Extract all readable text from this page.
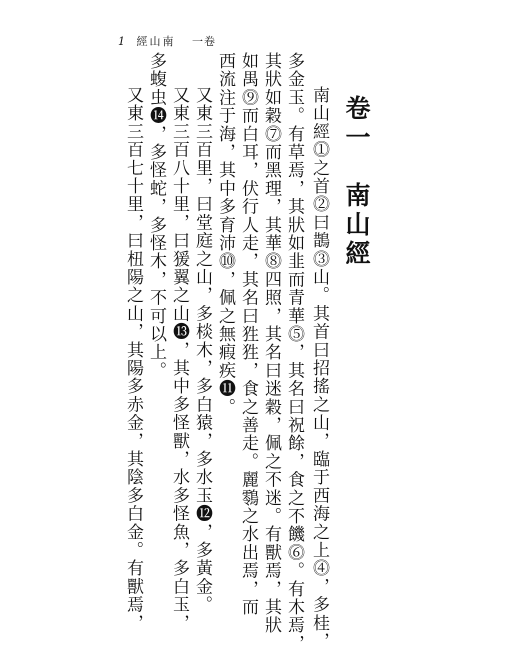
1 經山南 一卷
卷一　南山經
南山經⓵之首⓶曰鵲⓷山。其首曰招搖之山，臨于西海之上⓸，多桂，
多金玉。有草焉，其狀如韭而青華⓹，其名曰祝餘，食之不饑⓺。有木焉，
其狀如穀⓻而黑理，其華⓼四照，其名曰迷穀，佩之不迷。有獸焉，其狀
如禺⓽而白耳，伏行人走，其名曰狌狌，食之善走。麗䴇之水出焉，而
西流注于海，其中多育沛⓾，佩之無瘕疾⓫。
又東三百里，曰堂庭之山，多棪木，多白猿，多水玉⓬，多黃金。
又東三百八十里，曰猨翼之山⓭，其中多怪獸，水多怪魚，多白玉，
多蝮虫⓮，多怪蛇，多怪木，不可以上。
又東三百七十里，曰杻陽之山，其陽多赤金，其陰多白金。有獸焉，
